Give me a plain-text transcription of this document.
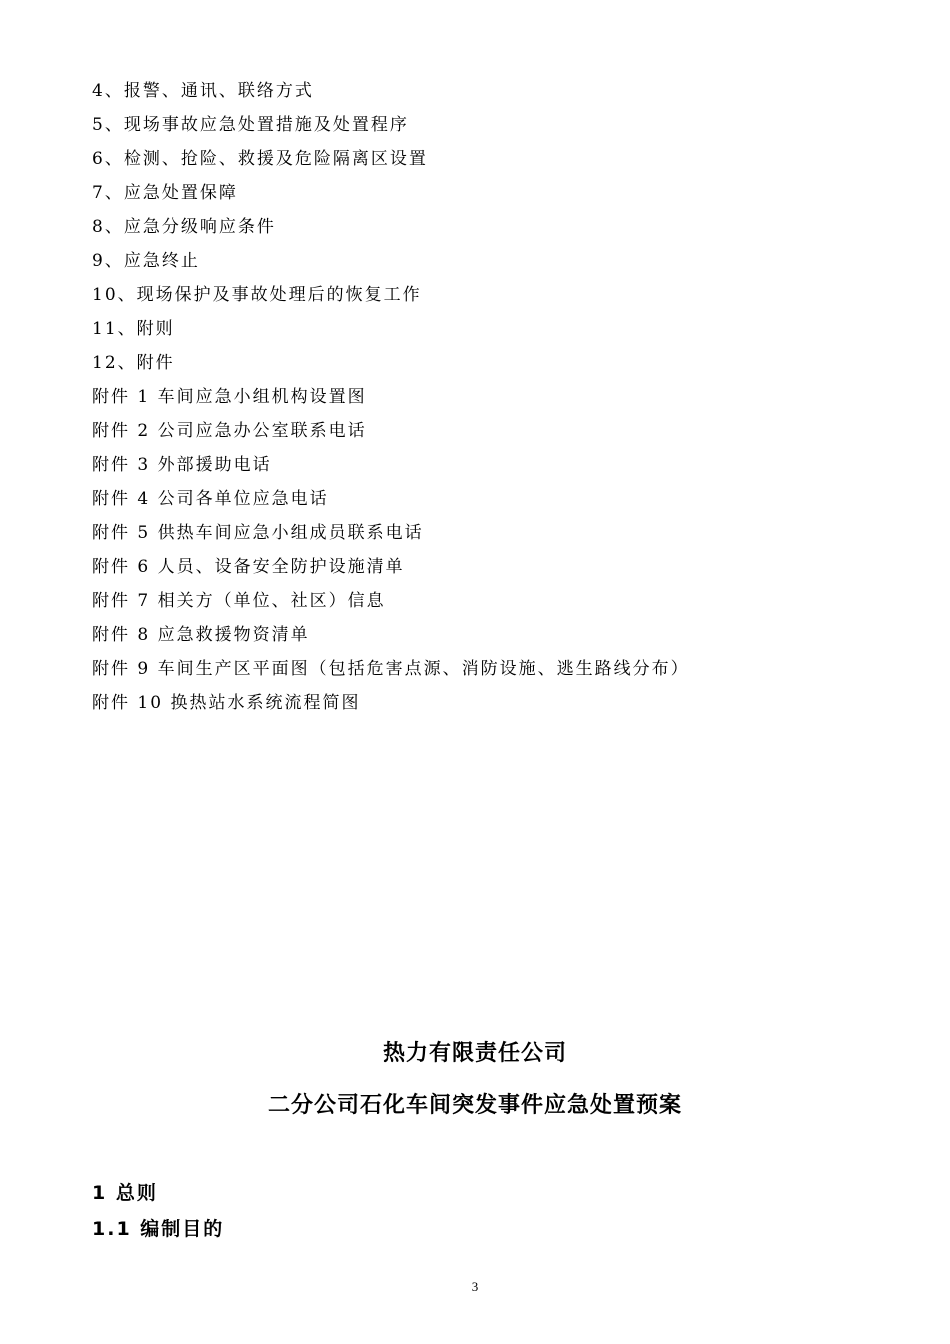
4、报警、通讯、联络方式
5、现场事故应急处置措施及处置程序
6、检测、抢险、救援及危险隔离区设置
7、应急处置保障
8、应急分级响应条件
9、应急终止
10、现场保护及事故处理后的恢复工作
11、附则
12、附件
附件 1 车间应急小组机构设置图
附件 2 公司应急办公室联系电话
附件 3 外部援助电话
附件 4 公司各单位应急电话
附件 5 供热车间应急小组成员联系电话
附件 6 人员、设备安全防护设施清单
附件 7 相关方（单位、社区）信息
附件 8 应急救援物资清单
附件 9 车间生产区平面图（包括危害点源、消防设施、逃生路线分布）
附件 10 换热站水系统流程简图
热力有限责任公司
二分公司石化车间突发事件应急处置预案
1 总则
1.1 编制目的
3
